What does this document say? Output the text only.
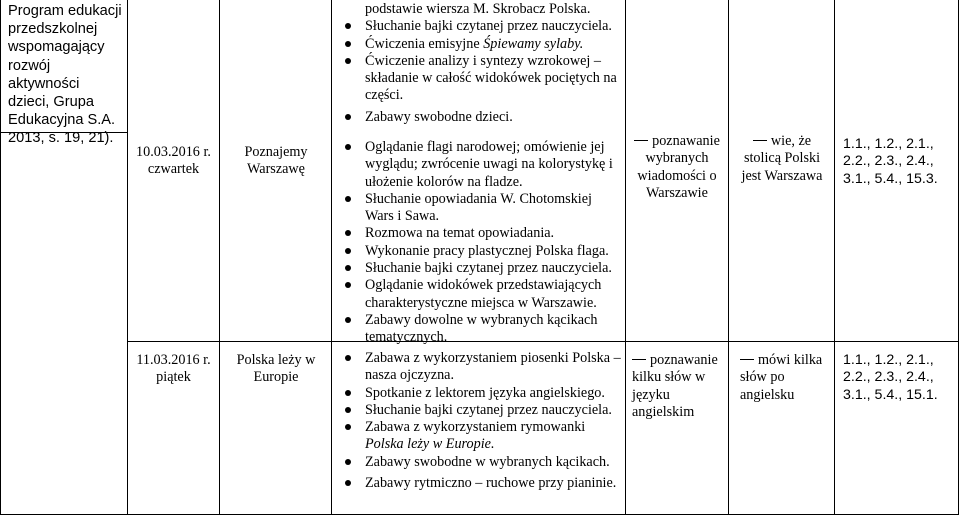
Program edukacji przedszkolnej wspomagający rozwój aktywności dzieci, Grupa Edukacyjna S.A. 2013, s. 19, 21).
podstawie wiersza M. Skrobacz Polska.
Słuchanie bajki czytanej przez nauczyciela.
Ćwiczenia emisyjne Śpiewamy sylaby.
Ćwiczenie analizy i syntezy wzrokowej – składanie w całość widokówek pociętych na części.
Zabawy swobodne dzieci.
10.03.2016 r.
czwartek
Poznajemy Warszawę
Oglądanie flagi narodowej; omówienie jej wyglądu; zwrócenie uwagi na kolorystykę i ułożenie kolorów na fladze.
Słuchanie opowiadania W. Chotomskiej Wars i Sawa.
Rozmowa na temat opowiadania.
Wykonanie pracy plastycznej Polska flaga.
Słuchanie bajki czytanej przez nauczyciela.
Oglądanie widokówek przedstawiających charakterystyczne miejsca w Warszawie.
Zabawy dowolne w wybranych kącikach tematycznych.
poznawanie wybranych wiadomości o Warszawie
wie, że stolicą Polski jest Warszawa
1.1., 1.2., 2.1., 2.2., 2.3., 2.4., 3.1., 5.4., 15.3.
11.03.2016 r.
piątek
Polska leży w Europie
Zabawa z wykorzystaniem piosenki Polska – nasza ojczyzna.
Spotkanie z lektorem języka angielskiego.
Słuchanie bajki czytanej przez nauczyciela.
Zabawa z wykorzystaniem rymowanki Polska leży w Europie.
Zabawy swobodne w wybranych kącikach.
Zabawy rytmiczno – ruchowe przy pianinie.
poznawanie kilku słów w języku angielskim
mówi kilka słów po angielsku
1.1., 1.2., 2.1., 2.2., 2.3., 2.4., 3.1., 5.4., 15.1.
